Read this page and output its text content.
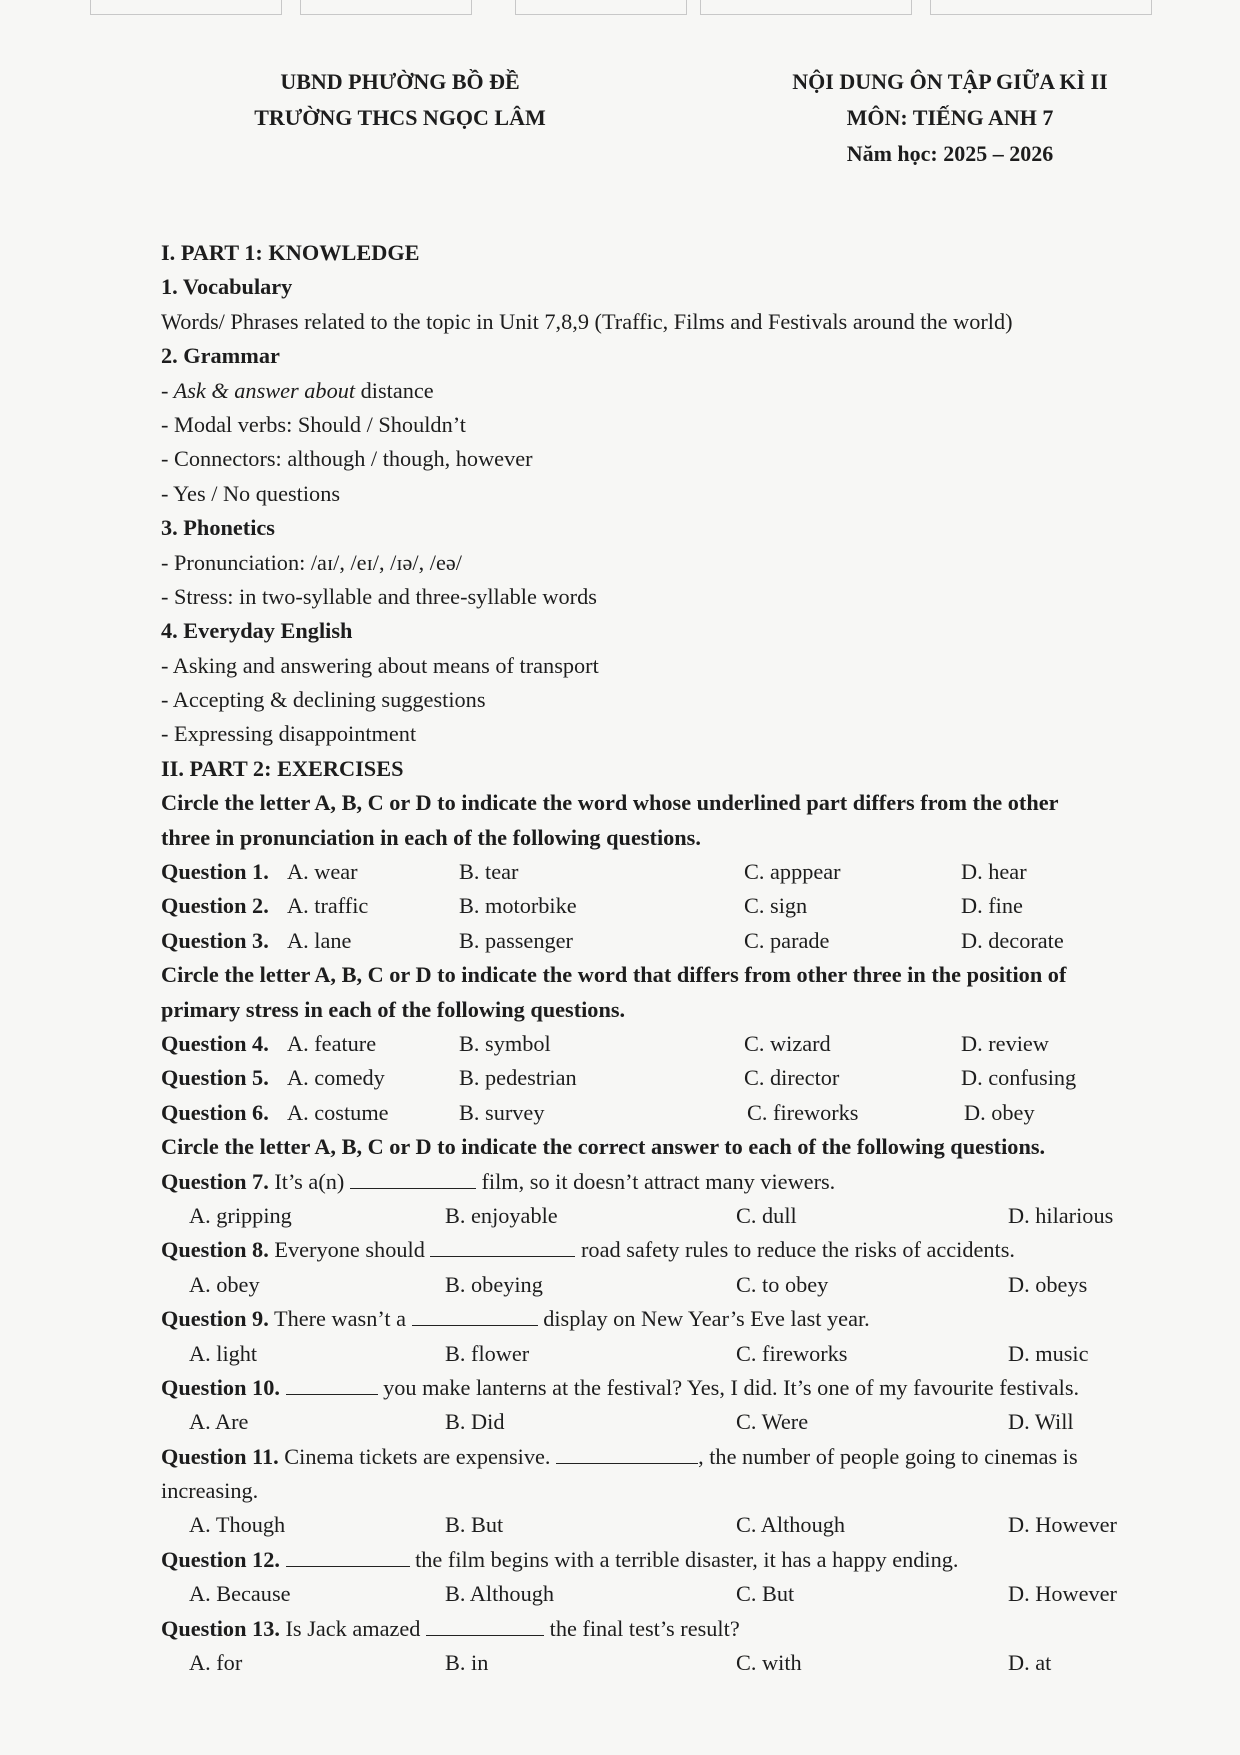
UBND PHƯỜNG BỒ ĐỀ
TRƯỜNG THCS NGỌC LÂM
NỘI DUNG ÔN TẬP GIỮA KÌ II
MÔN: TIẾNG ANH 7
Năm học: 2025 – 2026
I. PART 1: KNOWLEDGE
1. Vocabulary
Words/ Phrases related to the topic in Unit 7,8,9 (Traffic, Films and Festivals around the world)
2. Grammar
- Ask & answer about distance
- Modal verbs: Should / Shouldn’t
- Connectors: although / though, however
- Yes / No questions
3. Phonetics
- Pronunciation: /aɪ/, /eɪ/, /ɪə/, /eə/
- Stress: in two-syllable and three-syllable words
4. Everyday English
- Asking and answering about means of transport
- Accepting & declining suggestions
- Expressing disappointment
II. PART 2: EXERCISES
Circle the letter A, B, C or D to indicate the word whose underlined part differs from the other
three in pronunciation in each of the following questions.
Question 1. A. wear	B. tear	C. apppear	D. hear
Question 2. A. traffic	B. motorbike	C. sign	D. fine
Question 3. A. lane	B. passenger	C. parade	D. decorate
Circle the letter A, B, C or D to indicate the word that differs from other three in the position of
primary stress in each of the following questions.
Question 4. A. feature	B. symbol	C. wizard	D. review
Question 5. A. comedy	B. pedestrian	C. director	D. confusing
Question 6. A. costume	B. survey	C. fireworks	D. obey
Circle the letter A, B, C or D to indicate the correct answer to each of the following questions.
Question 7. It’s a(n)	film, so it doesn’t attract many viewers.
A. gripping	B. enjoyable	C. dull	D. hilarious
Question 8. Everyone should	road safety rules to reduce the risks of accidents.
A. obey	B. obeying	C. to obey	D. obeys
Question 9. There wasn’t a	display on New Year’s Eve last year.
A. light	B. flower	C. fireworks	D. music
Question 10.	you make lanterns at the festival? Yes, I did. It’s one of my favourite festivals.
A. Are	B. Did	C. Were	D. Will
Question 11. Cinema tickets are expensive.	, the number of people going to cinemas is
increasing.
A. Though	B. But	C. Although	D. However
Question 12.	the film begins with a terrible disaster, it has a happy ending.
A. Because	B. Although	C. But	D. However
Question 13. Is Jack amazed	the final test’s result?
A. for	B. in	C. with	D. at
